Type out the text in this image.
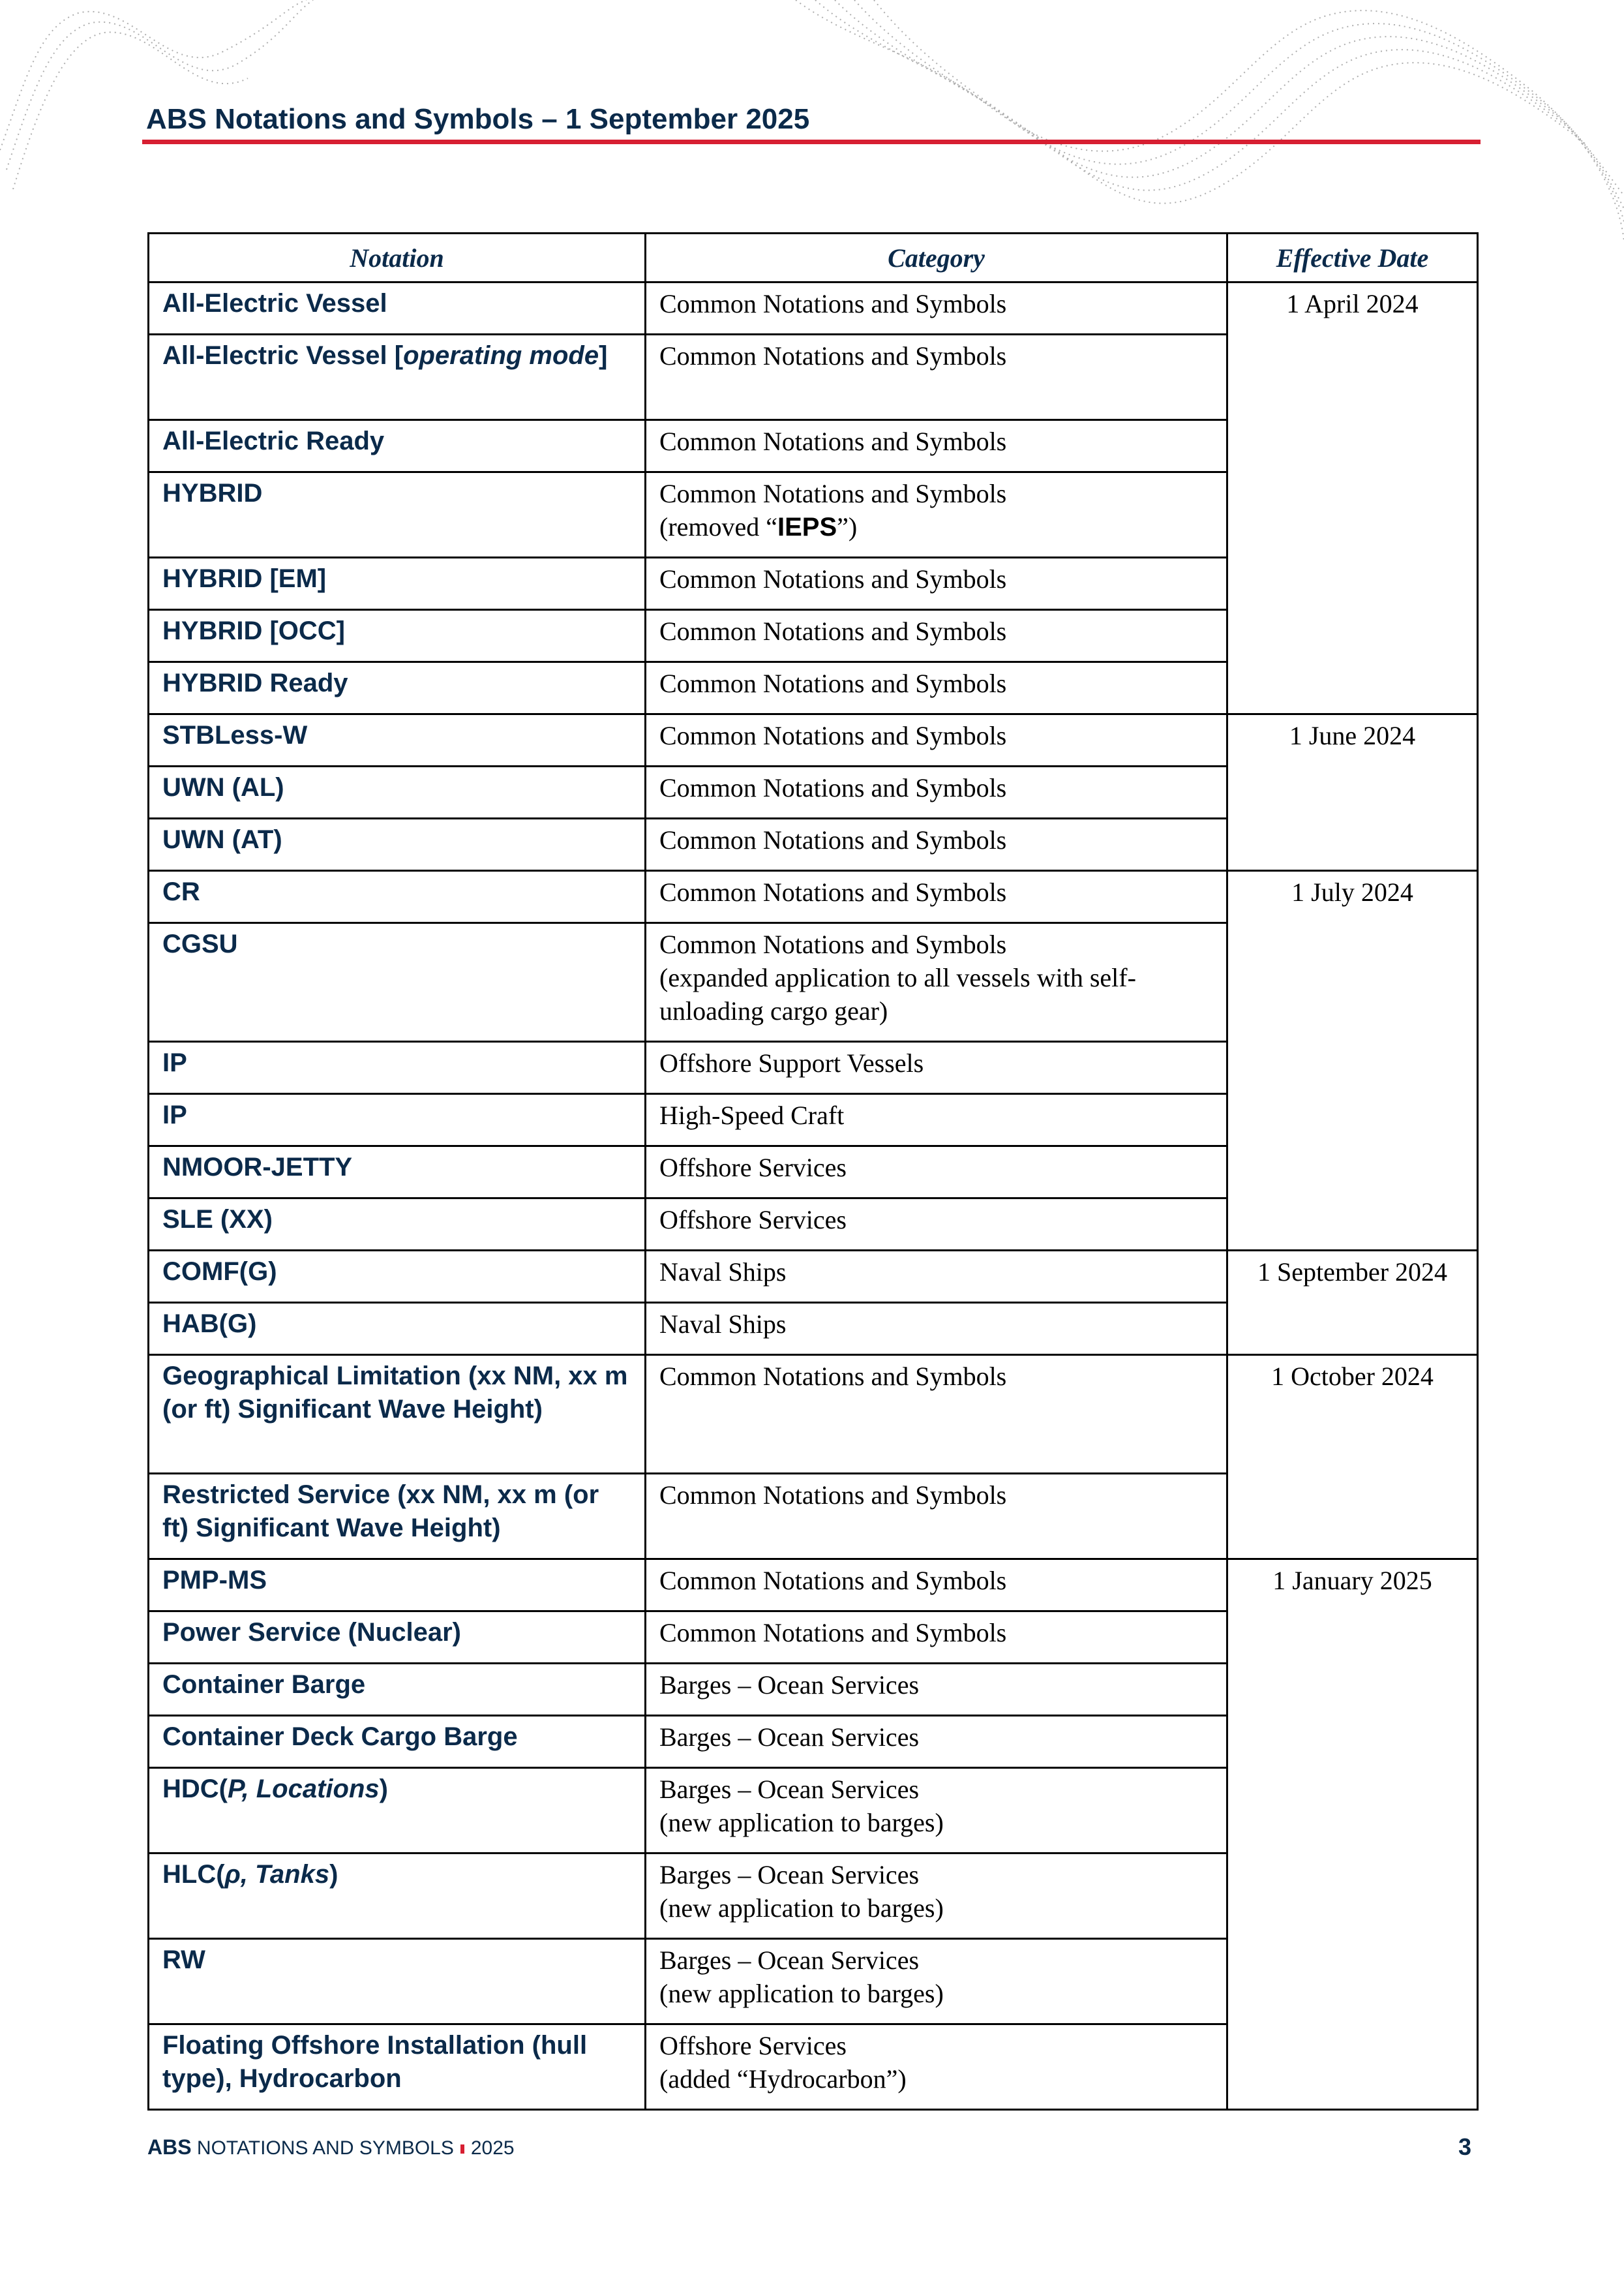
ABS Notations and Symbols – 1 September 2025
Notation	Category	Effective Date
All-Electric Vessel	Common Notations and Symbols	1 April 2024
All-Electric Vessel [operating mode]	Common Notations and Symbols	
All-Electric Ready	Common Notations and Symbols	
HYBRID	Common Notations and Symbols
(removed “IEPS”)	

HYBRID [EM]	Common Notations and Symbols	
HYBRID [OCC]	Common Notations and Symbols	
HYBRID Ready	Common Notations and Symbols	
STBLess-W	Common Notations and Symbols	1 June 2024
UWN (AL)	Common Notations and Symbols	
UWN (AT)	Common Notations and Symbols	
CR	Common Notations and Symbols	1 July 2024
CGSU	Common Notations and Symbols
(expanded application to all vessels with self-unloading cargo gear)	

IP	Offshore Support Vessels	
IP	High-Speed Craft	
NMOOR-JETTY	Offshore Services	
SLE (XX)	Offshore Services	
COMF(G)	Naval Ships	1 September 2024
HAB(G)	Naval Ships	
Geographical Limitation (xx NM, xx m (or ft) Significant Wave Height)	Common Notations and Symbols	1 October 2024
Restricted Service (xx NM, xx m (or ft) Significant Wave Height)	Common Notations and Symbols	
PMP-MS	Common Notations and Symbols	1 January 2025
Power Service (Nuclear)	Common Notations and Symbols	
Container Barge	Barges – Ocean Services	
Container Deck Cargo Barge	Barges – Ocean Services	
HDC(P, Locations)	Barges – Ocean Services
(new application to barges)	

HLC(ρ, Tanks)	Barges – Ocean Services
(new application to barges)	

RW	Barges – Ocean Services
(new application to barges)	

Floating Offshore Installation (hull type), Hydrocarbon	Offshore Services
(added “Hydrocarbon”)	
ABS NOTATIONS AND SYMBOLS 2025	3
